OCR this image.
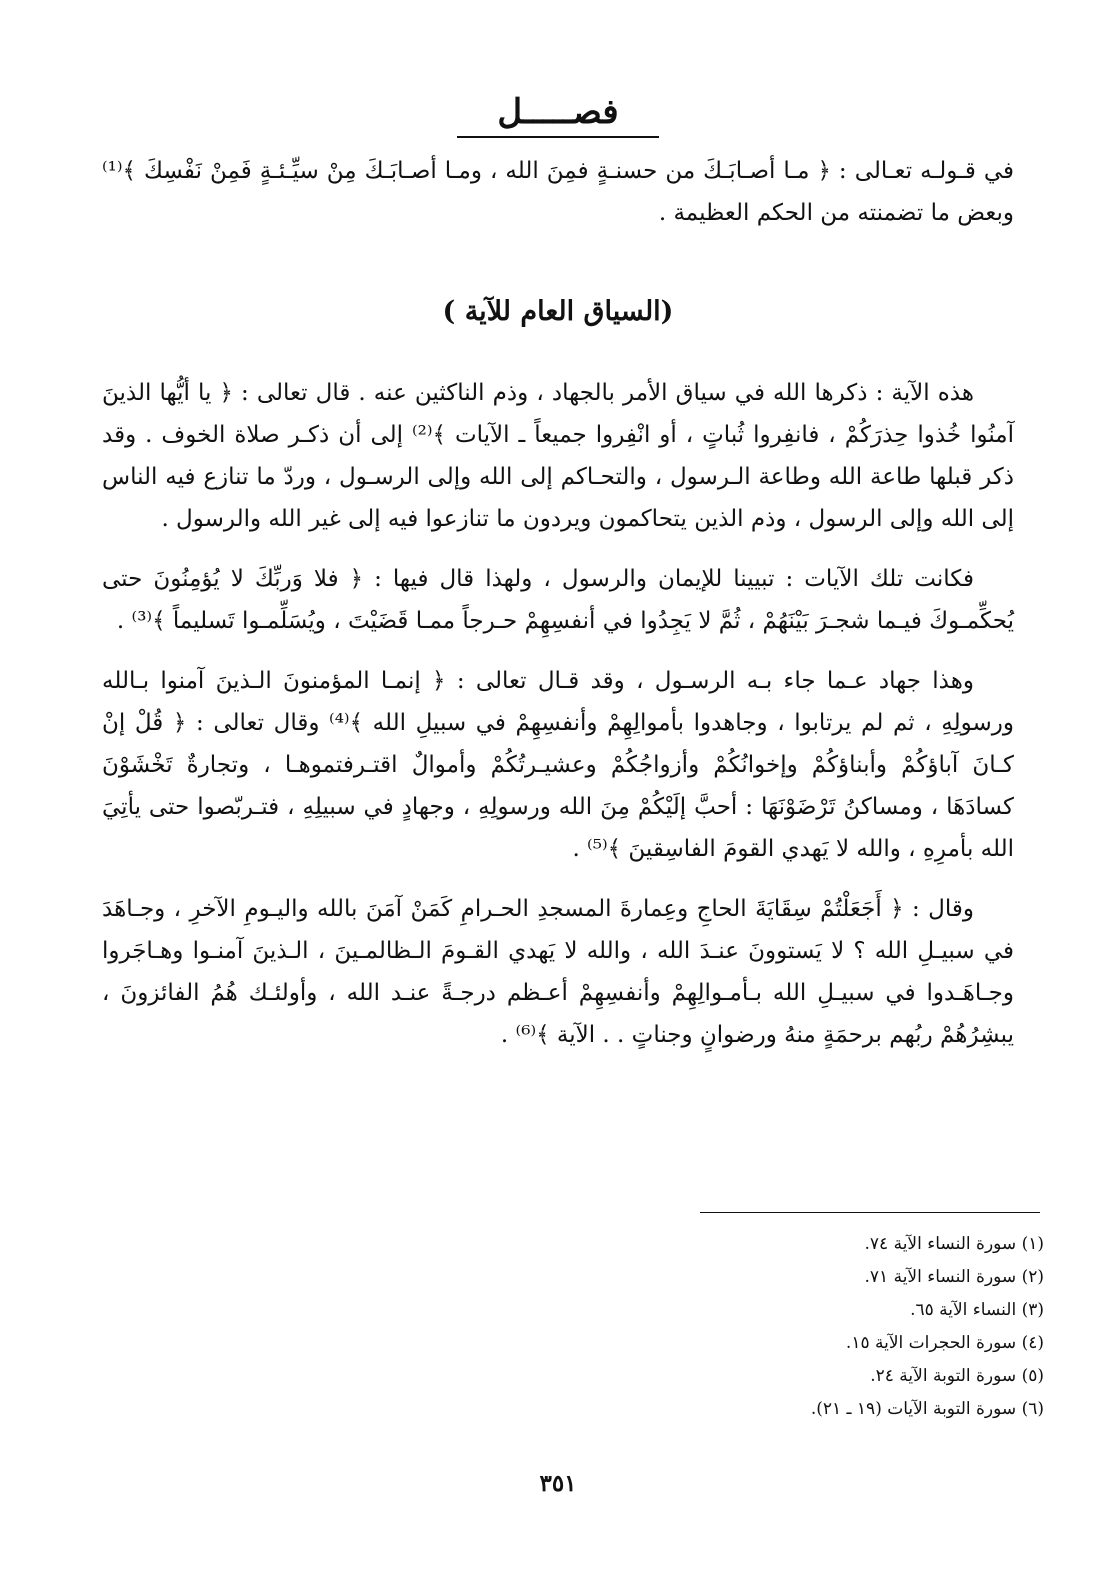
فصـــــل

في قـولـه تعـالى : ﴿ مـا أصـابَـكَ من حسنـةٍ فمِنَ الله ، ومـا أصـابَـكَ مِنْ سيِّـئـةٍ فَمِنْ نَفْسِكَ ﴾⁽¹⁾ وبعض ما تضمنته من الحكم العظيمة .

(السياق العام للآية )

هذه الآية : ذكرها الله في سياق الأمر بالجهاد ، وذم الناكثين عنه . قال تعالى : ﴿ يا أيُّها الذينَ آمنُوا خُذوا حِذرَكُمْ ، فانفِروا ثُباتٍ ، أو انْفِروا جميعاً ـ الآيات ﴾⁽²⁾ إلى أن ذكـر صلاة الخوف . وقد ذكر قبلها طاعة الله وطاعة الـرسول ، والتحـاكم إلى الله وإلى الرسـول ، وردّ ما تنازع فيه الناس إلى الله وإلى الرسول ، وذم الذين يتحاكمون ويردون ما تنازعوا فيه إلى غير الله والرسول .

فكانت تلك الآيات : تبيينا للإيمان والرسول ، ولهذا قال فيها : ﴿ فلا وَربِّكَ لا يُؤمِنُونَ حتى يُحكِّمـوكَ فيـما شجـرَ بَيْنَهُمْ ، ثُمَّ لا يَجِدُوا في أنفسِهِمْ حـرجاً ممـا قَضَيْتَ ، ويُسَلِّمـوا تَسليماً ﴾⁽³⁾ .

وهذا جهاد عـما جاء بـه الرسـول ، وقد قـال تعالى : ﴿ إنمـا المؤمنونَ الـذينَ آمنوا بـالله ورسولِهِ ، ثم لم يرتابوا ، وجاهدوا بأموالِهِمْ وأنفسِهِمْ في سبيلِ الله ﴾⁽⁴⁾ وقال تعالى : ﴿ قُلْ إنْ كـانَ آباؤكُمْ وأبناؤكُمْ وإخوانُكُمْ وأزواجُكُمْ وعشيـرتُكُمْ وأموالٌ اقتـرفتموهـا ، وتجارةٌ تَخْشَوْنَ كسادَهَا ، ومساكنُ تَرْضَوْنَهَا : أحبَّ إلَيْكُمْ مِنَ الله ورسولِهِ ، وجهادٍ في سبيلِهِ ، فتـربّصوا حتى يأتِيَ الله بأمرِهِ ، والله لا يَهدي القومَ الفاسِقينَ ﴾⁽⁵⁾ .

وقال : ﴿ أَجَعَلْتُمْ سِقَايَةَ الحاجِ وعِمارةَ المسجدِ الحـرامِ كَمَنْ آمَنَ بالله واليـومِ الآخرِ ، وجـاهَدَ في سبيـلِ الله ؟ لا يَستوونَ عنـدَ الله ، والله لا يَهدي القـومَ الـظالمـينَ ، الـذينَ آمنـوا وهـاجَروا وجـاهَـدوا في سبيـلِ الله بـأمـوالِهِمْ وأنفسِهِمْ أعـظم درجـةً عنـد الله ، وأولئـك هُمُ الفائزونَ ، يبشِرُهُمْ ربُهم برحمَةٍ منهُ ورضوانٍ وجناتٍ . . الآية ﴾⁽⁶⁾ .

(١) سورة النساء الآية ٧٤.
(٢) سورة النساء الآية ٧١.
(٣) النساء الآية ٦٥.
(٤) سورة الحجرات الآية ١٥.
(٥) سورة التوبة الآية ٢٤.
(٦) سورة التوبة الآيات (١٩ ـ ٢١).
٣٥١
